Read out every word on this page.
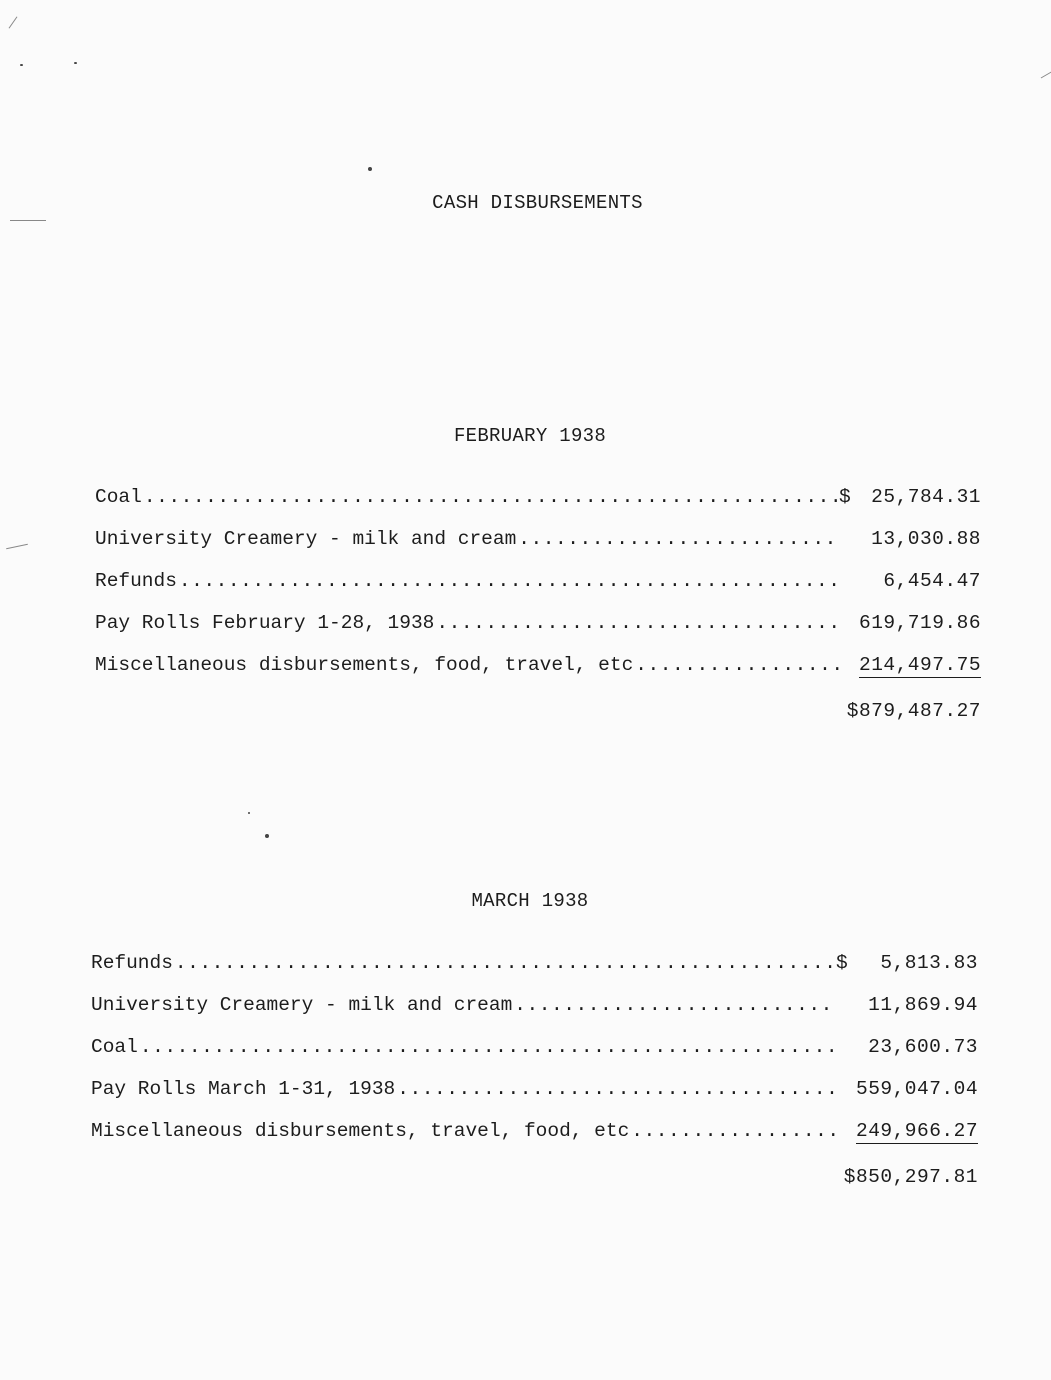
CASH DISBURSEMENTS
FEBRUARY 1938
Coal .....	$	25,784.31
University Creamery - milk and cream .....	13,030.88
Refunds .....	6,454.47
Pay Rolls February 1-28, 1938 .....	619,719.86
Miscellaneous disbursements, food, travel, etc .....	214,497.75
$879,487.27
MARCH 1938
Refunds .....	$	5,813.83
University Creamery - milk and cream .....	11,869.94
Coal .....	23,600.73
Pay Rolls March 1-31, 1938 .....	559,047.04
Miscellaneous disbursements, travel, food, etc .....	249,966.27
$850,297.81
